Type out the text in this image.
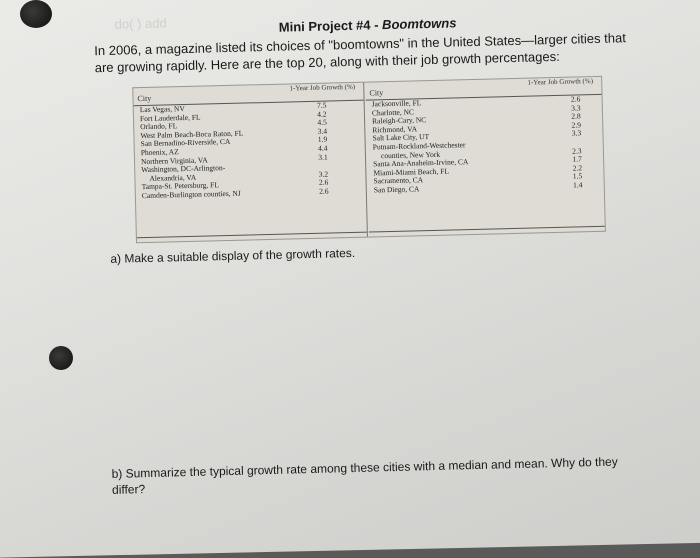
do( ) add	Mini Project #4 - Boomtowns
In 2006, a magazine listed its choices of "boomtowns" in the United States—larger cities that are growing rapidly. Here are the top 20, along with their job growth percentages:
City
1-Year Job Growth (%)
Las Vegas, NV	7.5
Fort Lauderdale, FL	4.2
Orlando, FL	4.5
West Palm Beach-Boca Raton, FL	3.4
San Bernadino-Riverside, CA	1.9
Phoenix, AZ	4.4
Northern Virginia, VA	3.1
Washington, DC-Arlington-
Alexandria, VA	3.2
Tampa-St. Petersburg, FL	2.6
Camden-Burlington counties, NJ	2.6
City
1-Year Job Growth (%)
Jacksonville, FL	2.6
Charlotte, NC	3.3
Raleigh-Cary, NC	2.8
Richmond, VA	2.9
Salt Lake City, UT	3.3
Putnam-Rockland-Westchester
counties, New York	2.3
Santa Ana-Anaheim-Irvine, CA	1.7
Miami-Miami Beach, FL	2.2
Sacramento, CA	1.5
San Diego, CA	1.4
a) Make a suitable display of the growth rates.
b) Summarize the typical growth rate among these cities with a median and mean. Why do they differ?
